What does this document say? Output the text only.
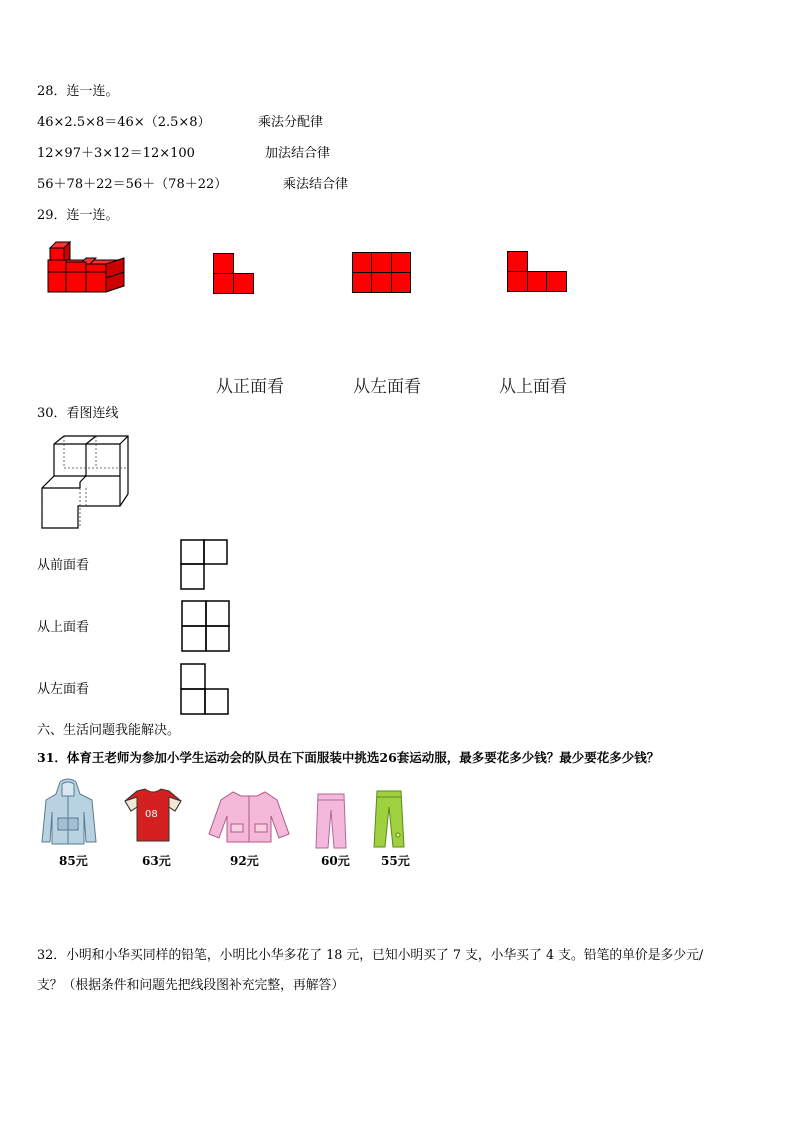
28．连一连。
46×2.5×8＝46×（2.5×8）	乘法分配律
12×97＋3×12＝12×100	加法结合律
56＋78＋22＝56＋（78＋22）	乘法结合律
29．连一连。
从正面看	从左面看	从上面看
30．看图连线
从前面看
从上面看
从左面看
六、生活问题我能解决。
31．体育王老师为参加小学生运动会的队员在下面服装中挑选26套运动服，最多要花多少钱？最少要花多少钱？
08
85元	63元	92元	60元	55元
32．小明和小华买同样的铅笔，小明比小华多花了 18 元，已知小明买了 7 支，小华买了 4 支。铅笔的单价是多少元/
支？（根据条件和问题先把线段图补充完整，再解答）
